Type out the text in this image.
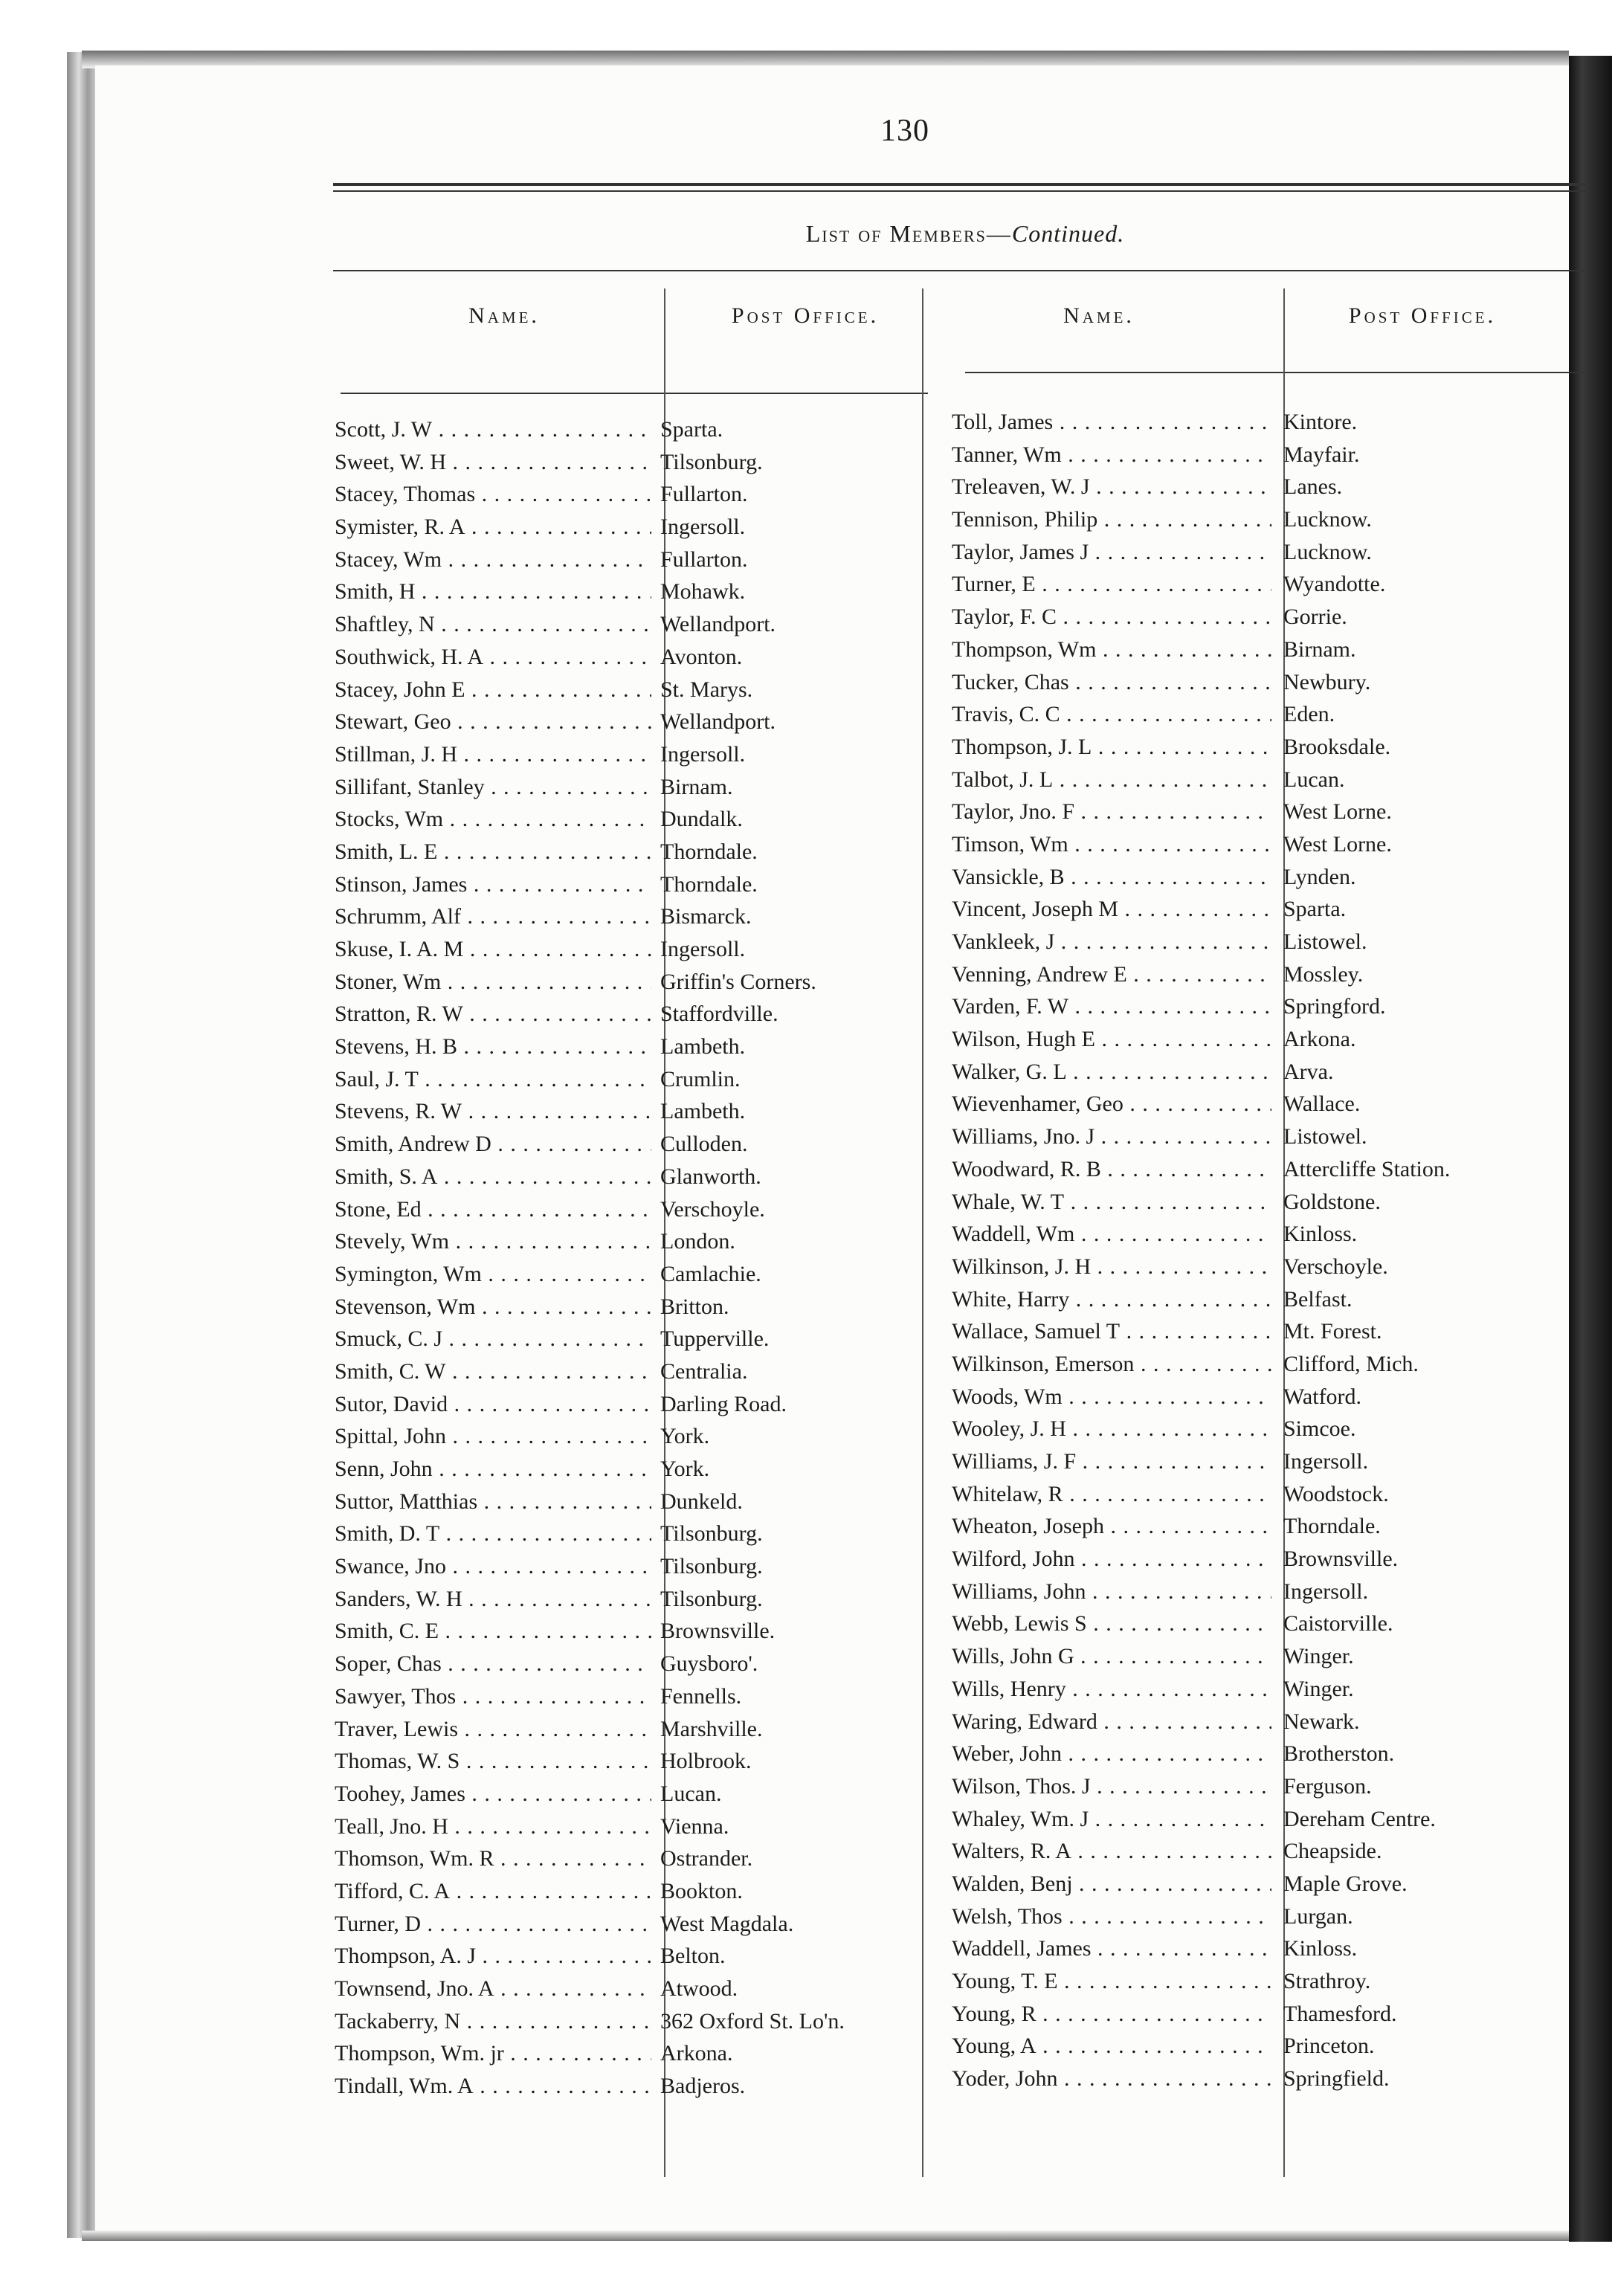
130
List of Members—Continued.
Name.	Post Office.	Name.	Post Office.
Scott, J. W . . .	Sparta.
Sweet, W. H . . .	Tilsonburg.
Stacey, Thomas . . .	Fullarton.
Symister, R. A . . .	Ingersoll.
Stacey, Wm . . .	Fullarton.
Smith, H . . .	Mohawk.
Shaftley, N . . .	Wellandport.
Southwick, H. A . . .	Avonton.
Stacey, John E . . .	St. Marys.
Stewart, Geo . . .	Wellandport.
Stillman, J. H . . .	Ingersoll.
Sillifant, Stanley . . .	Birnam.
Stocks, Wm . . .	Dundalk.
Smith, L. E . . .	Thorndale.
Stinson, James . . .	Thorndale.
Schrumm, Alf . . .	Bismarck.
Skuse, I. A. M . . .	Ingersoll.
Stoner, Wm . . .	Griffin's Corners.
Stratton, R. W . . .	Staffordville.
Stevens, H. B . . .	Lambeth.
Saul, J. T . . .	Crumlin.
Stevens, R. W . . .	Lambeth.
Smith, Andrew D . . .	Culloden.
Smith, S. A . . .	Glanworth.
Stone, Ed . . .	Verschoyle.
Stevely, Wm . . .	London.
Symington, Wm . . .	Camlachie.
Stevenson, Wm . . .	Britton.
Smuck, C. J . . .	Tupperville.
Smith, C. W . . .	Centralia.
Sutor, David . . .	Darling Road.
Spittal, John . . .	York.
Senn, John . . .	York.
Suttor, Matthias . . .	Dunkeld.
Smith, D. T . . .	Tilsonburg.
Swance, Jno . . .	Tilsonburg.
Sanders, W. H . . .	Tilsonburg.
Smith, C. E . . .	Brownsville.
Soper, Chas . . .	Guysboro'.
Sawyer, Thos . . .	Fennells.
Traver, Lewis . . .	Marshville.
Thomas, W. S . . .	Holbrook.
Toohey, James . . .	Lucan.
Teall, Jno. H . . .	Vienna.
Thomson, Wm. R . . .	Ostrander.
Tifford, C. A . . .	Bookton.
Turner, D . . .	West Magdala.
Thompson, A. J . . .	Belton.
Townsend, Jno. A . . .	Atwood.
Tackaberry, N . . .	362 Oxford St. Lo'n.
Thompson, Wm. jr . . .	Arkona.
Tindall, Wm. A . . .	Badjeros.
Toll, James . . .	Kintore.
Tanner, Wm . . .	Mayfair.
Treleaven, W. J . . .	Lanes.
Tennison, Philip . . .	Lucknow.
Taylor, James J . . .	Lucknow.
Turner, E . . .	Wyandotte.
Taylor, F. C . . .	Gorrie.
Thompson, Wm . . .	Birnam.
Tucker, Chas . . .	Newbury.
Travis, C. C . . .	Eden.
Thompson, J. L . . .	Brooksdale.
Talbot, J. L . . .	Lucan.
Taylor, Jno. F . . .	West Lorne.
Timson, Wm . . .	West Lorne.
Vansickle, B . . .	Lynden.
Vincent, Joseph M . . .	Sparta.
Vankleek, J . . .	Listowel.
Venning, Andrew E . . .	Mossley.
Varden, F. W . . .	Springford.
Wilson, Hugh E . . .	Arkona.
Walker, G. L . . .	Arva.
Wievenhamer, Geo . . .	Wallace.
Williams, Jno. J . . .	Listowel.
Woodward, R. B . . .	Attercliffe Station.
Whale, W. T . . .	Goldstone.
Waddell, Wm . . .	Kinloss.
Wilkinson, J. H . . .	Verschoyle.
White, Harry . . .	Belfast.
Wallace, Samuel T . . .	Mt. Forest.
Wilkinson, Emerson . . .	Clifford, Mich.
Woods, Wm . . .	Watford.
Wooley, J. H . . .	Simcoe.
Williams, J. F . . .	Ingersoll.
Whitelaw, R . . .	Woodstock.
Wheaton, Joseph . . .	Thorndale.
Wilford, John . . .	Brownsville.
Williams, John . . .	Ingersoll.
Webb, Lewis S . . .	Caistorville.
Wills, John G . . .	Winger.
Wills, Henry . . .	Winger.
Waring, Edward . . .	Newark.
Weber, John . . .	Brotherston.
Wilson, Thos. J . . .	Ferguson.
Whaley, Wm. J . . .	Dereham Centre.
Walters, R. A . . .	Cheapside.
Walden, Benj . . .	Maple Grove.
Welsh, Thos . . .	Lurgan.
Waddell, James . . .	Kinloss.
Young, T. E . . .	Strathroy.
Young, R . . .	Thamesford.
Young, A . . .	Princeton.
Yoder, John . . .	Springfield.
